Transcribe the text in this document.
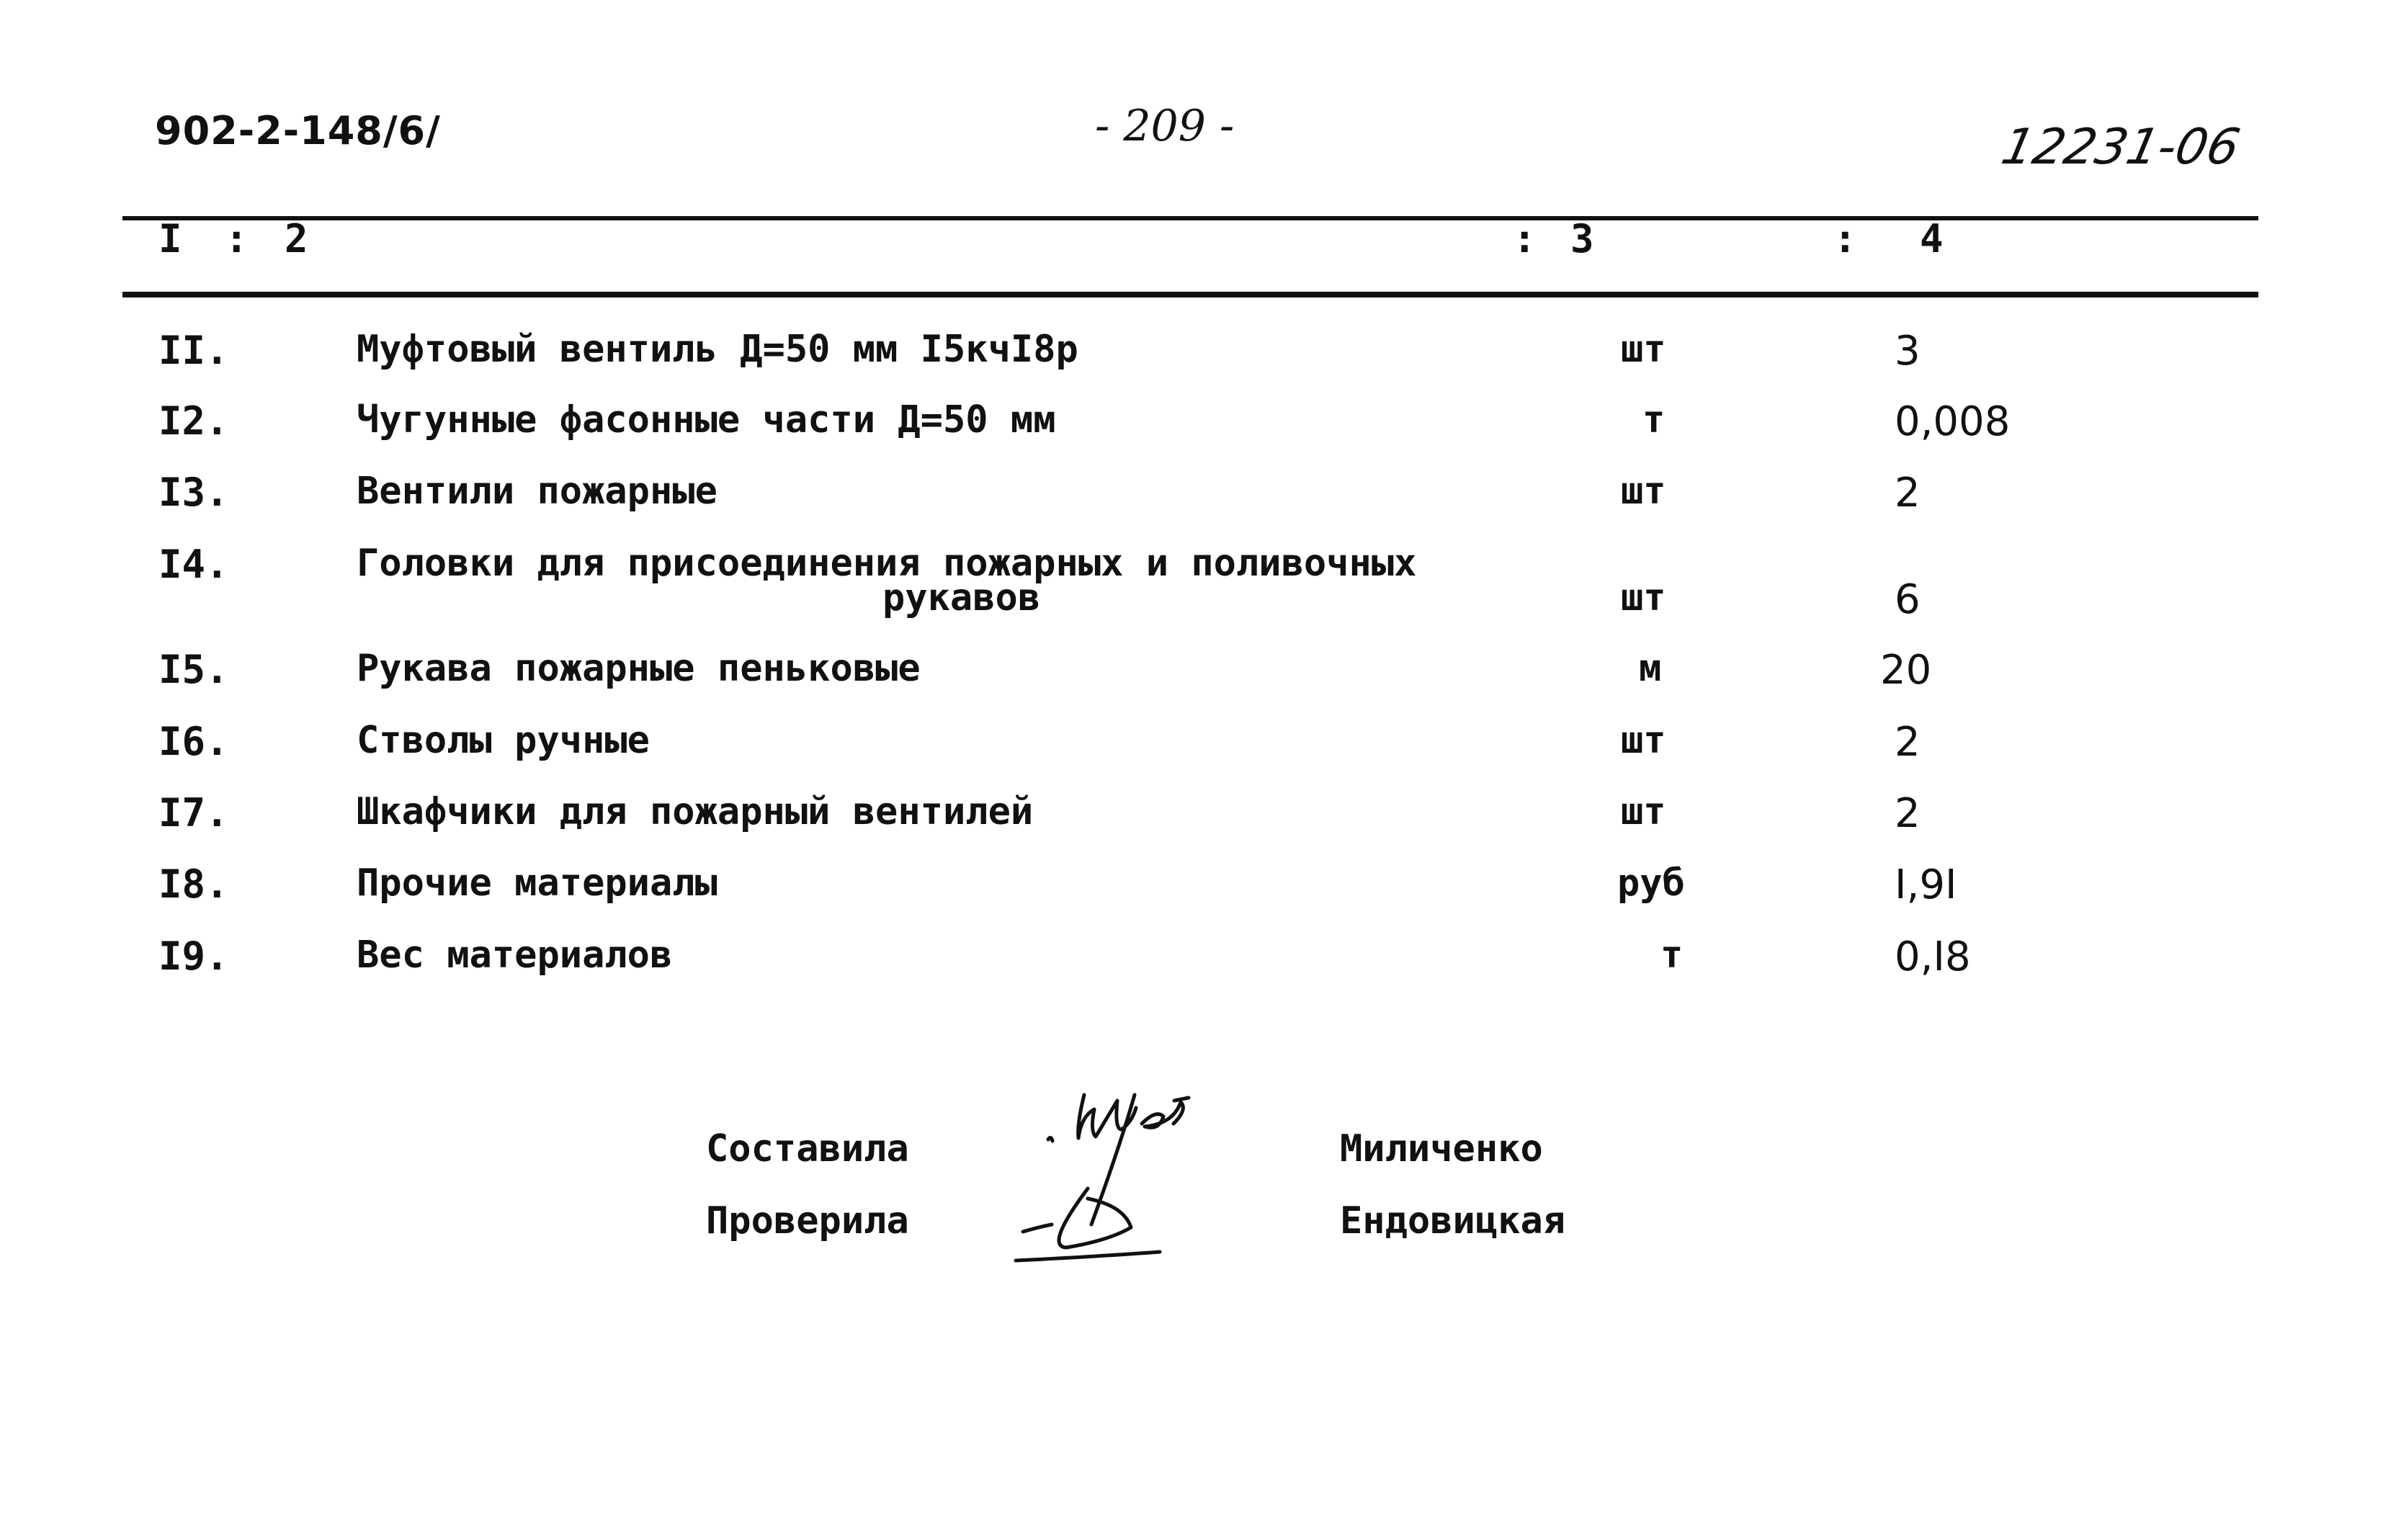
902-2-148/6/	- 209 -	12231-06
I : 2	: 3	: 4
II.	Муфтовый вентиль Д=50 мм I5кчI8р	шт	3
I2.	Чугунные фасонные части Д=50 мм	т	0,008
I3.	Вентили пожарные	шт	2
I4.	Головки для присоединения пожарных и поливочных
рукавов	шт	6
I5.	Рукава пожарные пеньковые	м	20
I6.	Стволы ручные	шт	2
I7.	Шкафчики для пожарный вентилей	шт	2
I8.	Прочие материалы	руб	I,9I
I9.	Вес материалов	т	0,I8
Составила	Миличенко
Проверила	Ендовицкая
